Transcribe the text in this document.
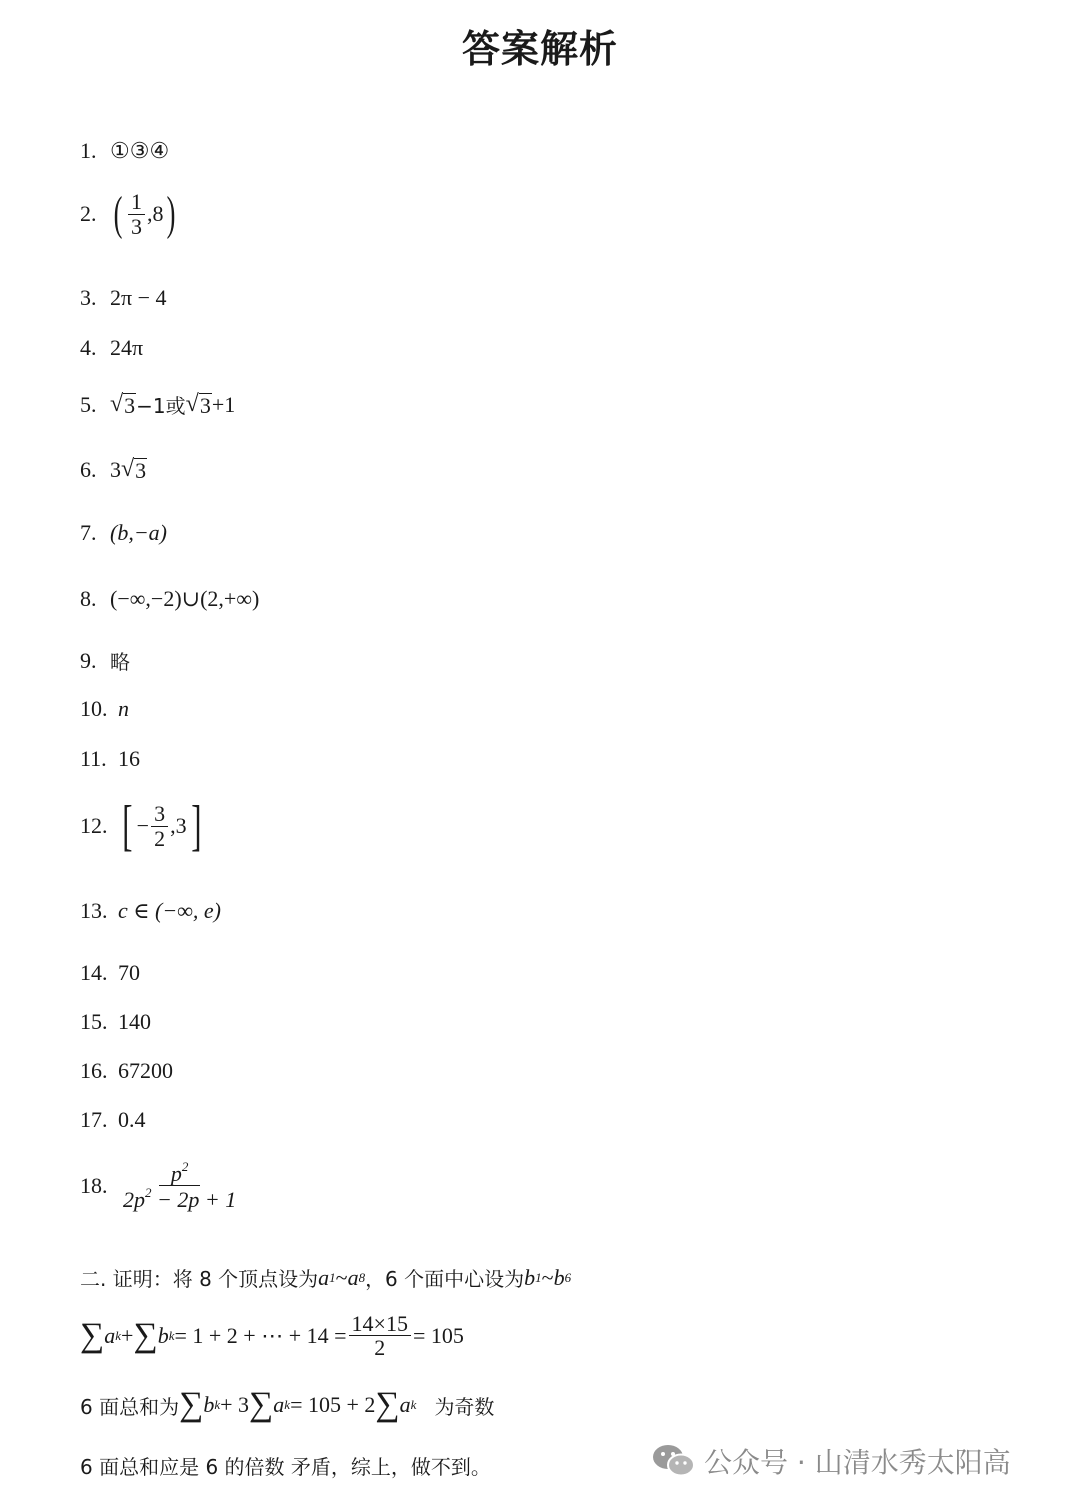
答案解析
1. ①③④
2. ( $\frac{1}{3} ,8$ )
3. 2π − 4
4. 24π
5. √ 3 −1或 √ 3 +1
6. 3 √ 3
7. (b,−a)
8. (−∞,−2)∪(2,+∞)
9. 略
10. n
11. 16
12. [ − $\frac{3}{2} ,3$ ]
13. c ∈ (−∞, e)
14. 70
15. 140
16. 67200
17. 0.4
18. $\frac{p^2}{2p^2 - 2p + 1}$
二. 证明：将 8 个顶点设为 a 1 ~ a 8 ，6 个面中心设为 b 1 ~ b 6
∑ a k + ∑ b k = 1 + 2 + ⋯ + $14 = \frac{14\times 15}{2} = 105$
6 面总和为 ∑ b k + 3 ∑ a k = 105 + 2 ∑ a k 为奇数
6 面总和应是 6 的倍数 矛盾，综上，做不到。	公众号 · 山清水秀太阳高
